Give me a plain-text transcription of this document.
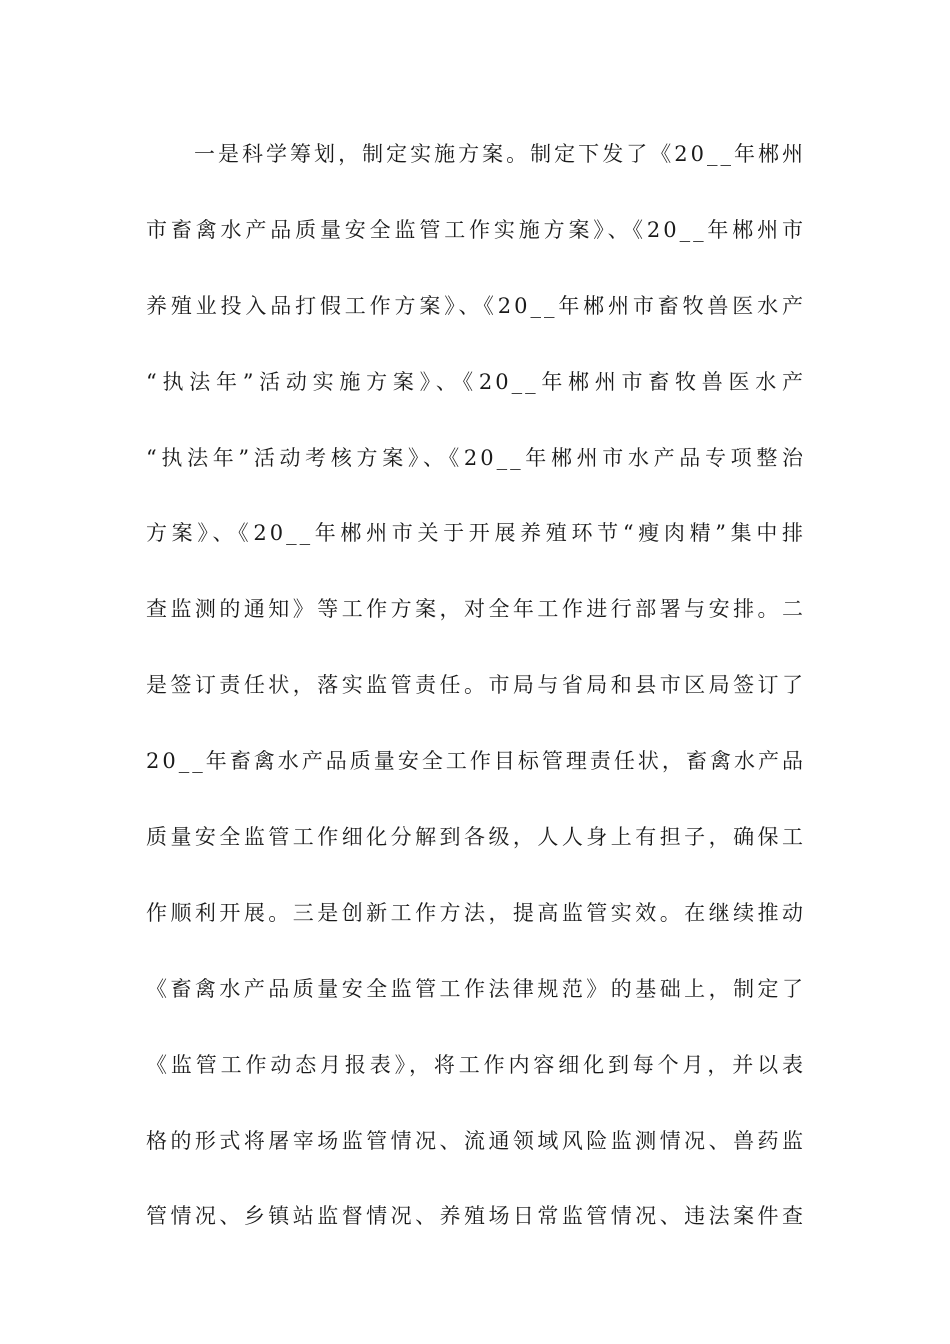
一是科学筹划，制定实施方案。制定下发了《20__年郴州
市畜禽水产品质量安全监管工作实施方案》、《20__年郴州市
养殖业投入品打假工作方案》、《20__年郴州市畜牧兽医水产
“执法年”活动实施方案》、《20__年郴州市畜牧兽医水产
“执法年”活动考核方案》、《20__年郴州市水产品专项整治
方案》、《20__年郴州市关于开展养殖环节“瘦肉精”集中排
查监测的通知》等工作方案，对全年工作进行部署与安排。二
是签订责任状，落实监管责任。市局与省局和县市区局签订了
20__年畜禽水产品质量安全工作目标管理责任状，畜禽水产品
质量安全监管工作细化分解到各级，人人身上有担子，确保工
作顺利开展。三是创新工作方法，提高监管实效。在继续推动
《畜禽水产品质量安全监管工作法律规范》的基础上，制定了
《监管工作动态月报表》，将工作内容细化到每个月，并以表
格的形式将屠宰场监管情况、流通领域风险监测情况、兽药监
管情况、乡镇站监督情况、养殖场日常监管情况、违法案件查
